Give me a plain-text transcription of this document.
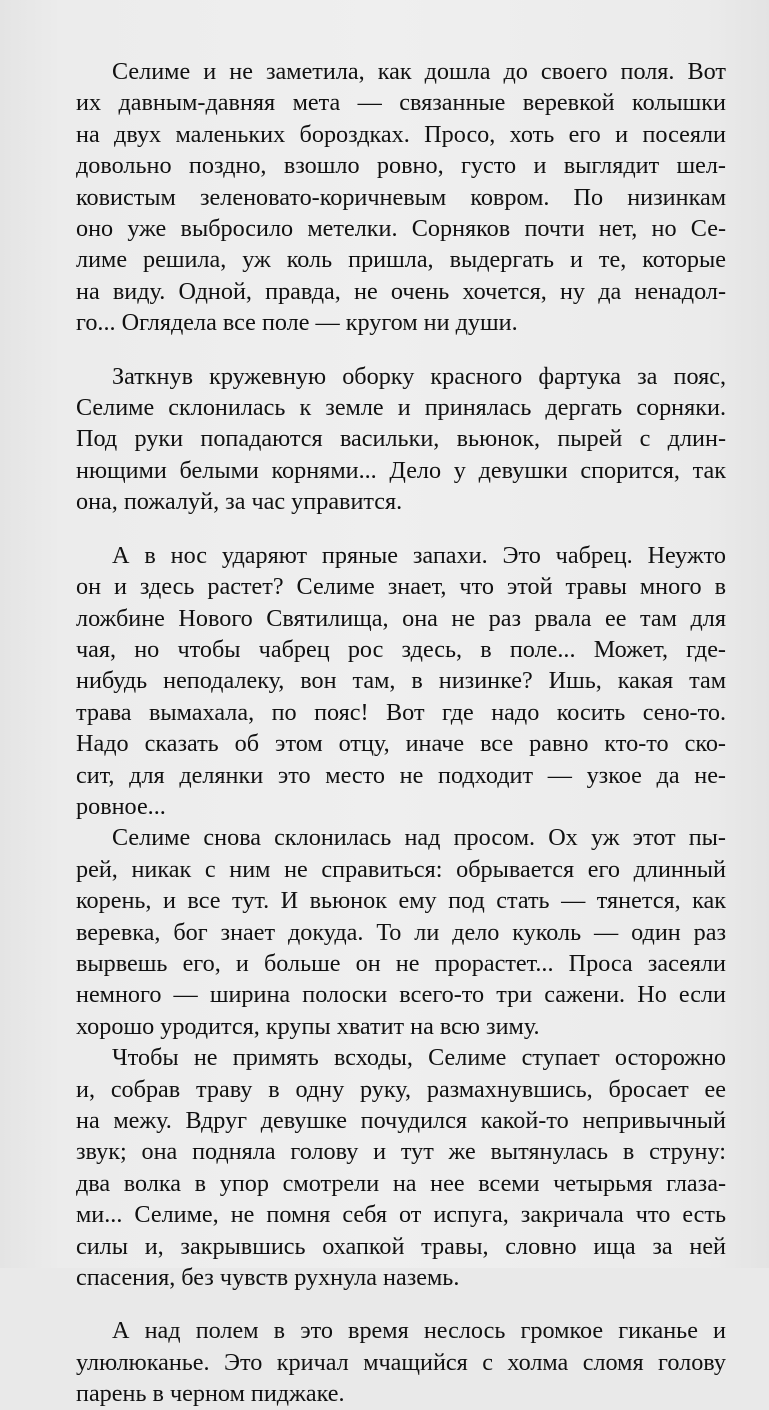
Селиме и не заметила, как дошла до своего поля. Вот
их давным-давняя мета — связанные веревкой колышки
на двух маленьких бороздках. Просо, хоть его и посеяли
довольно поздно, взошло ровно, густо и выглядит шел-
ковистым зеленовато-коричневым ковром. По низинкам
оно уже выбросило метелки. Сорняков почти нет, но Се-
лиме решила, уж коль пришла, выдергать и те, которые
на виду. Одной, правда, не очень хочется, ну да ненадол-
го... Оглядела все поле — кругом ни души.
Заткнув кружевную оборку красного фартука за пояс,
Селиме склонилась к земле и принялась дергать сорняки.
Под руки попадаются васильки, вьюнок, пырей с длин-
нющими белыми корнями... Дело у девушки спорится, так
она, пожалуй, за час управится.
А в нос ударяют пряные запахи. Это чабрец. Неужто
он и здесь растет? Селиме знает, что этой травы много в
ложбине Нового Святилища, она не раз рвала ее там для
чая, но чтобы чабрец рос здесь, в поле... Может, где-
нибудь неподалеку, вон там, в низинке? Ишь, какая там
трава вымахала, по пояс! Вот где надо косить сено-то.
Надо сказать об этом отцу, иначе все равно кто-то ско-
сит, для делянки это место не подходит — узкое да не-
ровное...
Селиме снова склонилась над просом. Ох уж этот пы-
рей, никак с ним не справиться: обрывается его длинный
корень, и все тут. И вьюнок ему под стать — тянется, как
веревка, бог знает докуда. То ли дело куколь — один раз
вырвешь его, и больше он не прорастет... Проса засеяли
немного — ширина полоски всего-то три сажени. Но если
хорошо уродится, крупы хватит на всю зиму.
Чтобы не примять всходы, Селиме ступает осторожно
и, собрав траву в одну руку, размахнувшись, бросает ее
на межу. Вдруг девушке почудился какой-то непривычный
звук; она подняла голову и тут же вытянулась в струну:
два волка в упор смотрели на нее всеми четырьмя глаза-
ми... Селиме, не помня себя от испуга, закричала что есть
силы и, закрывшись охапкой травы, словно ища за ней
спасения, без чувств рухнула наземь.
А над полем в это время неслось громкое гиканье и
улюлюканье. Это кричал мчащийся с холма сломя голову
парень в черном пиджаке.
